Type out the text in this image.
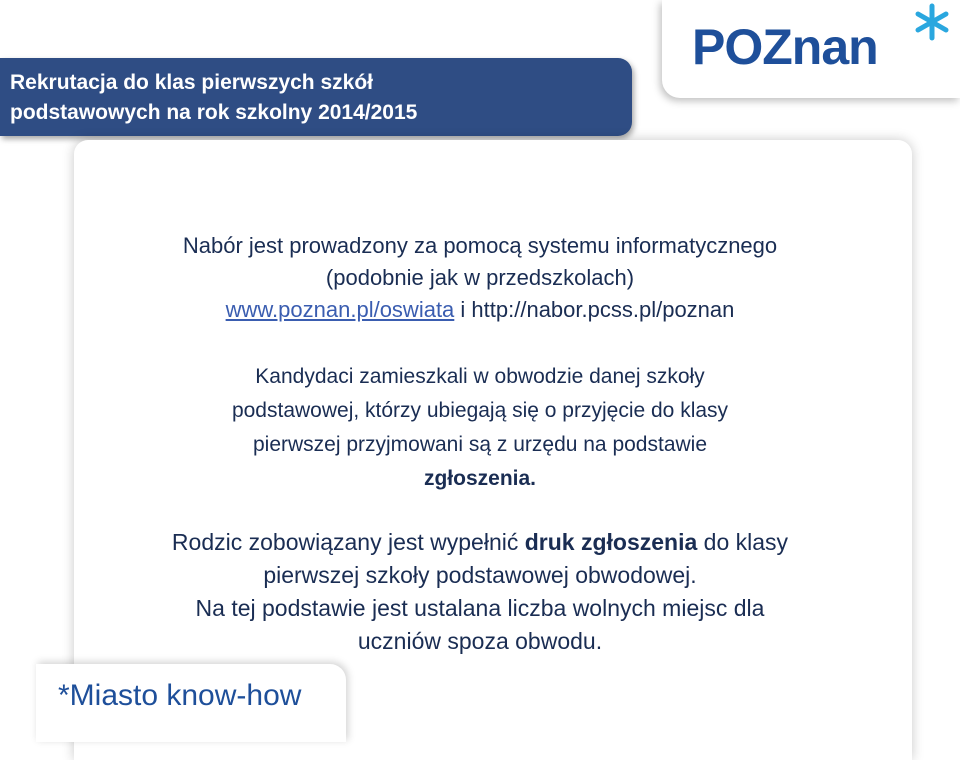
Rekrutacja do klas pierwszych szkół
podstawowych na rok szkolny 2014/2015
POZnan

Nabór jest prowadzony za pomocą systemu informatycznego
(podobnie jak w przedszkolach)
www.poznan.pl/oswiata i http://nabor.pcss.pl/poznan

Kandydaci zamieszkali w obwodzie danej szkoły
podstawowej, którzy ubiegają się o przyjęcie do klasy
pierwszej przyjmowani są z urzędu na podstawie
zgłoszenia.

Rodzic zobowiązany jest wypełnić druk zgłoszenia do klasy
pierwszej szkoły podstawowej obwodowej.
Na tej podstawie jest ustalana liczba wolnych miejsc dla
uczniów spoza obwodu.

*Miasto know-how
